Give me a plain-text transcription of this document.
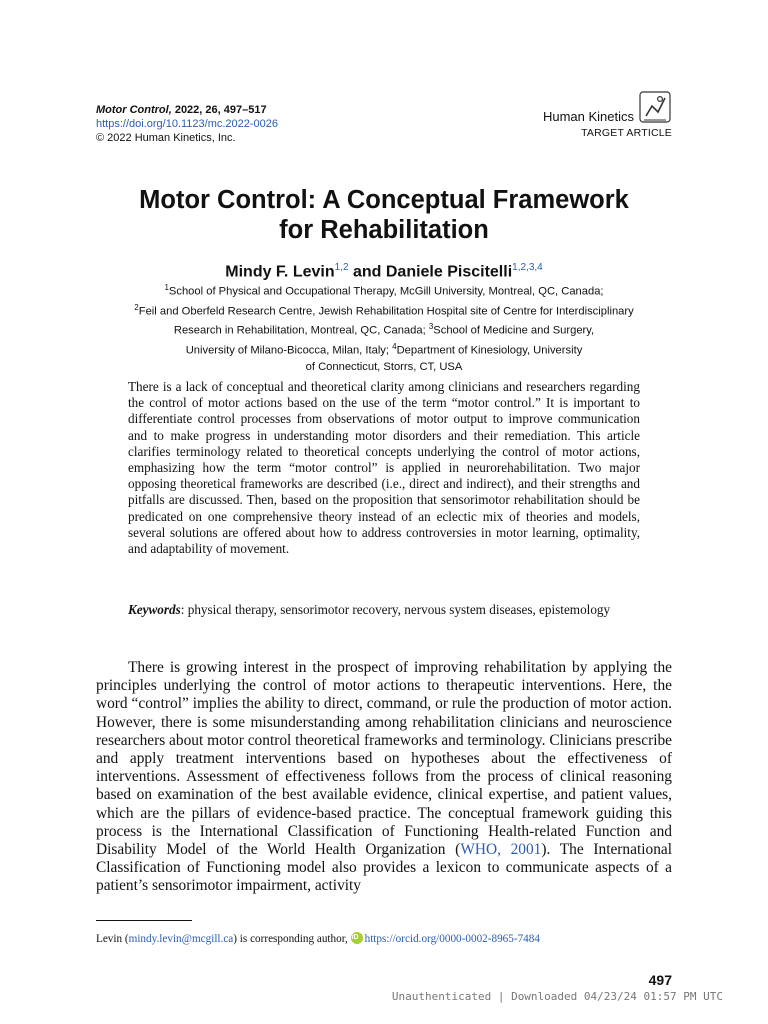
Motor Control, 2022, 26, 497–517
https://doi.org/10.1123/mc.2022-0026
© 2022 Human Kinetics, Inc.
Human Kinetics
TARGET ARTICLE
Motor Control: A Conceptual Framework
for Rehabilitation
Mindy F. Levin$^{1,2}$ and Daniele Piscitelli$^{1,2,3,4}$
$^1$School of Physical and Occupational Therapy, McGill University, Montreal, QC, Canada;
$^2$Feil and Oberfeld Research Centre, Jewish Rehabilitation Hospital site of Centre for Interdisciplinary
Research in Rehabilitation, Montreal, QC, Canada; $^3$School of Medicine and Surgery,
University of Milano-Bicocca, Milan, Italy; $^4$Department of Kinesiology, University
of Connecticut, Storrs, CT, USA

There is a lack of conceptual and theoretical clarity among clinicians and researchers regarding the control of motor actions based on the use of the term “motor control.” It is important to differentiate control processes from observations of motor output to improve communication and to make progress in understanding motor disorders and their remediation. This article clarifies terminology related to theoretical concepts underlying the control of motor actions, emphasizing how the term “motor control” is applied in neurorehabilitation. Two major opposing theoretical frameworks are described (i.e., direct and indirect), and their strengths and pitfalls are discussed. Then, based on the proposition that sensorimotor rehabilitation should be predicated on one comprehensive theory instead of an eclectic mix of theories and models, several solutions are offered about how to address controversies in motor learning, optimality, and adaptability of movement.

Keywords: physical therapy, sensorimotor recovery, nervous system diseases, epistemology

There is growing interest in the prospect of improving rehabilitation by applying the principles underlying the control of motor actions to therapeutic interventions. Here, the word “control” implies the ability to direct, command, or rule the production of motor action. However, there is some misunderstanding among rehabilitation clinicians and neuroscience researchers about motor control theoretical frameworks and terminology. Clinicians prescribe and apply treatment interventions based on hypotheses about the effectiveness of interventions. Assessment of effectiveness follows from the process of clinical reasoning based on examination of the best available evidence, clinical expertise, and patient values, which are the pillars of evidence-based practice. The conceptual framework guiding this process is the International Classification of Functioning Health-related Function and Disability Model of the World Health Organization (WHO, 2001). The International Classification of Functioning model also provides a lexicon to communicate aspects of a patient’s sensorimotor impairment, activity

Levin (mindy.levin@mcgill.ca) is corresponding author, iDhttps://orcid.org/0000-0002-8965-7484
497
Unauthenticated | Downloaded 04/23/24 01:57 PM UTC
